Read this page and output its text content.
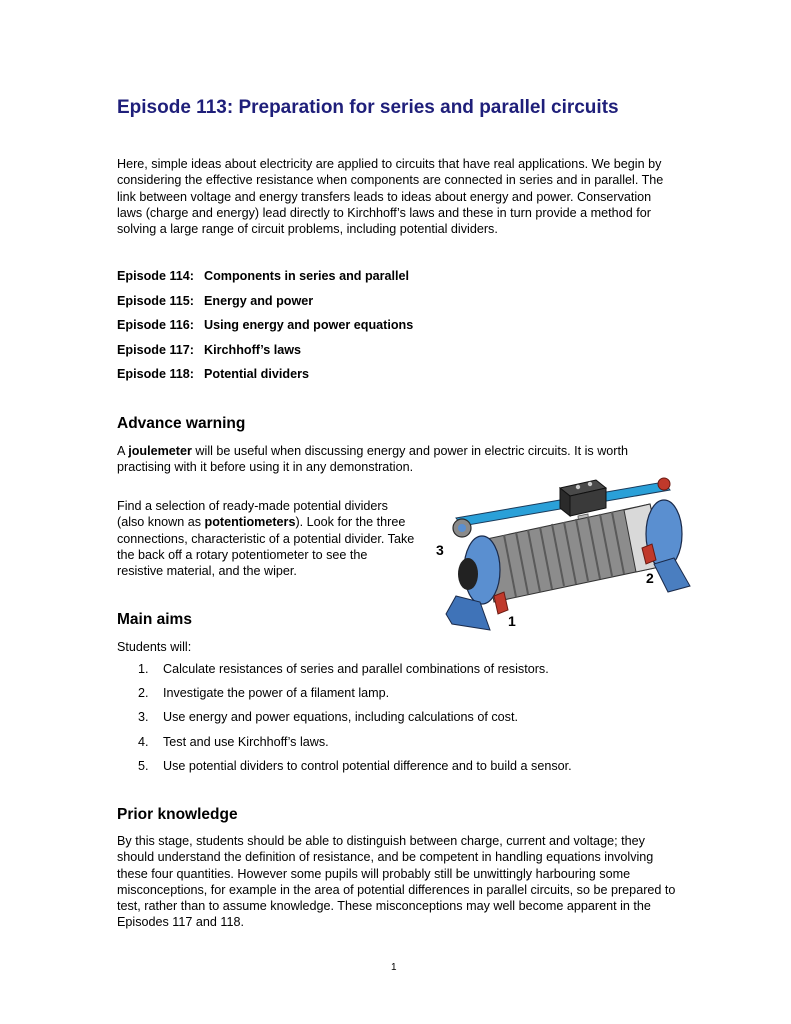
Episode 113: Preparation for series and parallel circuits

Here, simple ideas about electricity are applied to circuits that have real applications. We begin by considering the effective resistance when components are connected in series and in parallel. The link between voltage and energy transfers leads to ideas about energy and power. Conservation laws (charge and energy) lead directly to Kirchhoff’s laws and these in turn provide a method for solving a large range of circuit problems, including potential dividers.

Episode 114: Components in series and parallel
Episode 115: Energy and power
Episode 116: Using energy and power equations
Episode 117: Kirchhoff’s laws
Episode 118: Potential dividers
Advance warning

A joulemeter will be useful when discussing energy and power in electric circuits. It is worth practising with it before using it in any demonstration.

Find a selection of ready-made potential dividers (also known as potentiometers). Look for the three connections, characteristic of a potential divider. Take the back off a rotary potentiometer to see the resistive material, and the wiper.

3
2
1
Main aims

Students will:

1. Calculate resistances of series and parallel combinations of resistors.
2. Investigate the power of a filament lamp.
3. Use energy and power equations, including calculations of cost.
4. Test and use Kirchhoff’s laws.
5. Use potential dividers to control potential difference and to build a sensor.
Prior knowledge

By this stage, students should be able to distinguish between charge, current and voltage; they should understand the definition of resistance, and be competent in handling equations involving these four quantities. However some pupils will probably still be unwittingly harbouring some misconceptions, for example in the area of potential differences in parallel circuits, so be prepared to test, rather than to assume knowledge. These misconceptions may well become apparent in the Episodes 117 and 118.

1
